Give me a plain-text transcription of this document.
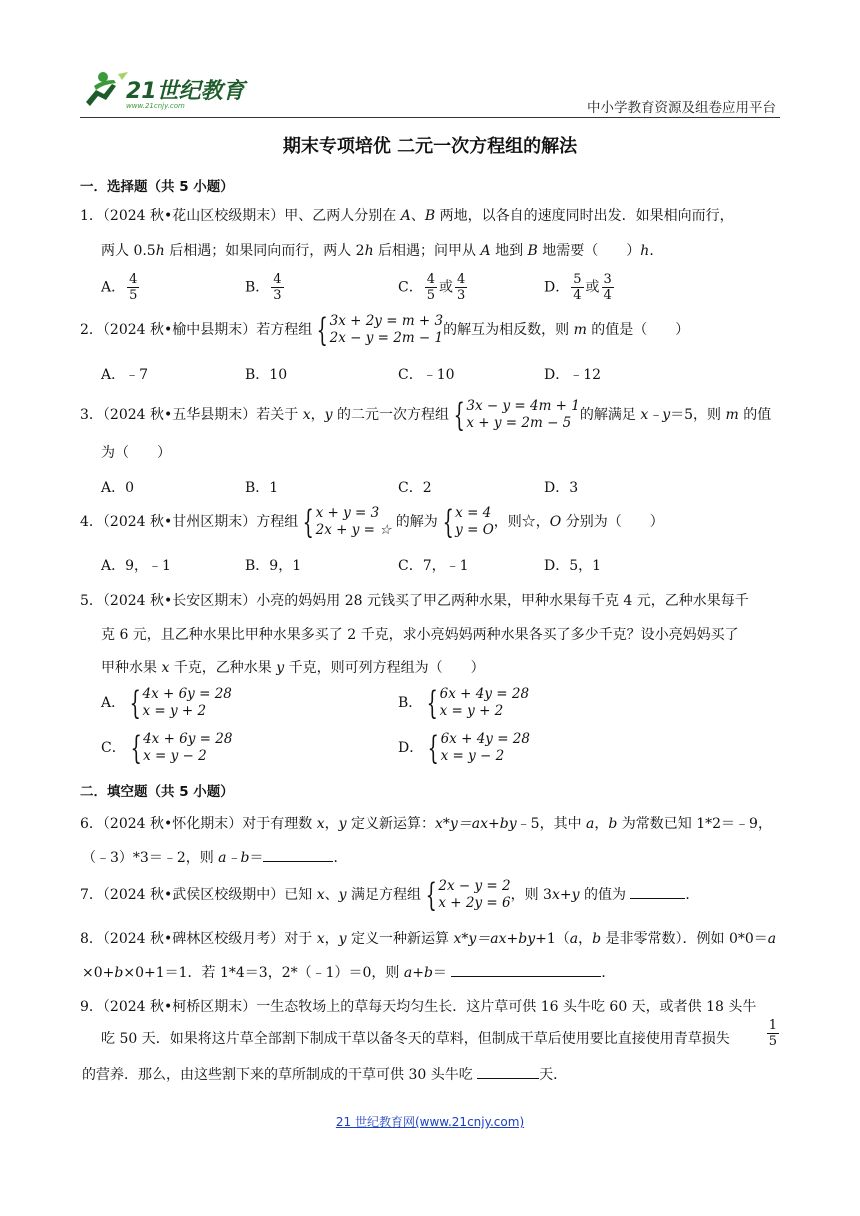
21世纪教育
www.21cnjy.com	中小学教育资源及组卷应用平台
期末专项培优 二元一次方程组的解法
一．选择题（共 5 小题）
1．（2024 秋•花山区校级期末）甲、乙两人分别在 A、B 两地，以各自的速度同时出发．如果相向而行，
两人 0.5h 后相遇；如果同向而行，两人 2h 后相遇；问甲从 A 地到 B 地需要（　　）h．
A． $\frac{4}{5}$	B． $\frac{4}{3}$	C． $\frac{4}{5}$ 或 $\frac{4}{3}$	D． $\frac{5}{4}$ 或 $\frac{3}{4}$
2．（2024 秋•榆中县期末）若方程组 { 3x + 2y = m + 3
2x − y = 2m − 1 的解互为相反数，则 m 的值是（　　）
A．﹣7	B．10	C．﹣10	D．﹣12
3．（2024 秋•五华县期末）若关于 x，y 的二元一次方程组 { 3x − y = 4m + 1
x + y = 2m − 5 的解满足 x﹣y＝5，则 m 的值
为（　　）
A．0	B．1	C．2	D．3
4．（2024 秋•甘州区期末）方程组 { x + y = 3
2x + y = ☆ 的解为 { x = 4
y = O ，则☆，O 分别为（　　）
A．9，﹣1	B．9，1	C．7，﹣1	D．5，1
5．（2024 秋•长安区期末）小亮的妈妈用 28 元钱买了甲乙两种水果，甲种水果每千克 4 元，乙种水果每千
克 6 元，且乙种水果比甲种水果多买了 2 千克，求小亮妈妈两种水果各买了多少千克？设小亮妈妈买了
甲种水果 x 千克，乙种水果 y 千克，则可列方程组为（　　）
A． { 4x + 6y = 28
x = y + 2	B． { 6x + 4y = 28
x = y + 2
C． { 4x + 6y = 28
x = y − 2	D． { 6x + 4y = 28
x = y − 2
二．填空题（共 5 小题）
6．（2024 秋•怀化期末）对于有理数 x，y 定义新运算：x*y＝ax+by﹣5，其中 a，b 为常数已知 1*2＝﹣9，
（﹣3）*3＝﹣2，则 a﹣b＝	．
7．（2024 秋•武侯区校级期中）已知 x、y 满足方程组 { 2x − y = 2
x + 2y = 6 ，则 3x+y 的值为	．
8．（2024 秋•碑林区校级月考）对于 x，y 定义一种新运算 x*y＝ax+by+1（a，b 是非零常数）．例如 0*0＝a
×0+b×0+1＝1．若 1*4＝3，2*（﹣1）＝0，则 a+b＝	．
9．（2024 秋•柯桥区期末）一生态牧场上的草每天均匀生长．这片草可供 16 头牛吃 60 天，或者供 18 头牛
吃 50 天．如果将这片草全部割下制成干草以备冬天的草料，但制成干草后使用要比直接使用青草损失	$\frac{1}{5}$
的营养．那么，由这些割下来的草所制成的干草可供 30 头牛吃	天．
21 世纪教育网(www.21cnjy.com)
